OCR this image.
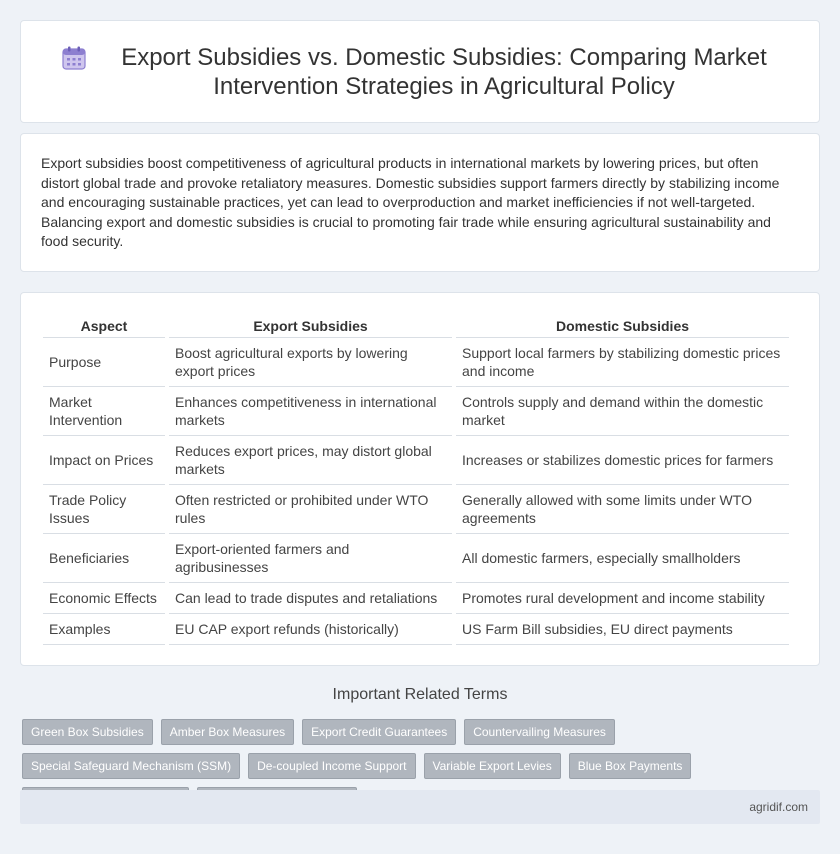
Export Subsidies vs. Domestic Subsidies: Comparing Market Intervention Strategies in Agricultural Policy

Export subsidies boost competitiveness of agricultural products in international markets by lowering prices, but often distort global trade and provoke retaliatory measures. Domestic subsidies support farmers directly by stabilizing income and encouraging sustainable practices, yet can lead to overproduction and market inefficiencies if not well-targeted. Balancing export and domestic subsidies is crucial to promoting fair trade while ensuring agricultural sustainability and food security.

Aspect	Export Subsidies	Domestic Subsidies
Purpose	Boost agricultural exports by lowering export prices	Support local farmers by stabilizing domestic prices and income
Market Intervention	Enhances competitiveness in international markets	Controls supply and demand within the domestic market
Impact on Prices	Reduces export prices, may distort global markets	Increases or stabilizes domestic prices for farmers
Trade Policy Issues	Often restricted or prohibited under WTO rules	Generally allowed with some limits under WTO agreements
Beneficiaries	Export-oriented farmers and agribusinesses	All domestic farmers, especially smallholders
Economic Effects	Can lead to trade disputes and retaliations	Promotes rural development and income stability
Examples	EU CAP export refunds (historically)	US Farm Bill subsidies, EU direct payments
Important Related Terms
Green Box Subsidies	Amber Box Measures	Export Credit Guarantees	Countervailing Measures
Special Safeguard Mechanism (SSM)	De-coupled Income Support	Variable Export Levies	Blue Box Payments
agridif.com
